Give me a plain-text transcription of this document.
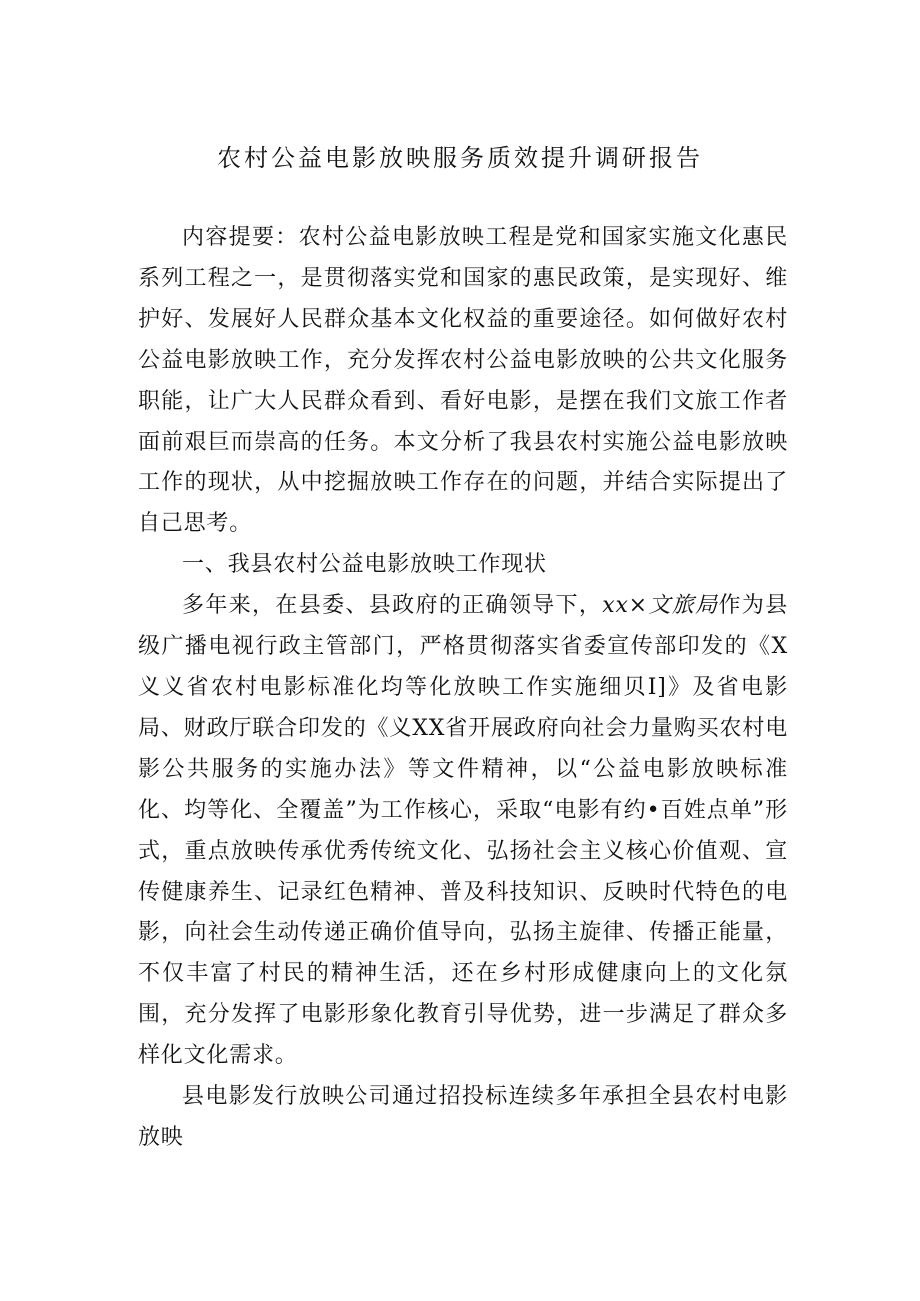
农村公益电影放映服务质效提升调研报告

内容提要：农村公益电影放映工程是党和国家实施文化惠民系列工程之一，是贯彻落实党和国家的惠民政策，是实现好、维护好、发展好人民群众基本文化权益的重要途径。如何做好农村公益电影放映工作，充分发挥农村公益电影放映的公共文化服务职能，让广大人民群众看到、看好电影，是摆在我们文旅工作者面前艰巨而崇高的任务。本文分析了我县农村实施公益电影放映工作的现状，从中挖掘放映工作存在的问题，并结合实际提出了自己思考。

一、我县农村公益电影放映工作现状

多年来，在县委、县政府的正确领导下，xx×文旅局作为县级广播电视行政主管部门，严格贯彻落实省委宣传部印发的《X义义省农村电影标准化均等化放映工作实施细贝I]》及省电影局、财政厅联合印发的《义XX省开展政府向社会力量购买农村电影公共服务的实施办法》等文件精神，以“公益电影放映标准化、均等化、全覆盖”为工作核心，采取“电影有约•百姓点单”形式，重点放映传承优秀传统文化、弘扬社会主义核心价值观、宣传健康养生、记录红色精神、普及科技知识、反映时代特色的电影，向社会生动传递正确价值导向，弘扬主旋律、传播正能量，不仅丰富了村民的精神生活，还在乡村形成健康向上的文化氛围，充分发挥了电影形象化教育引导优势，进一步满足了群众多样化文化需求。

县电影发行放映公司通过招投标连续多年承担全县农村电影放映
